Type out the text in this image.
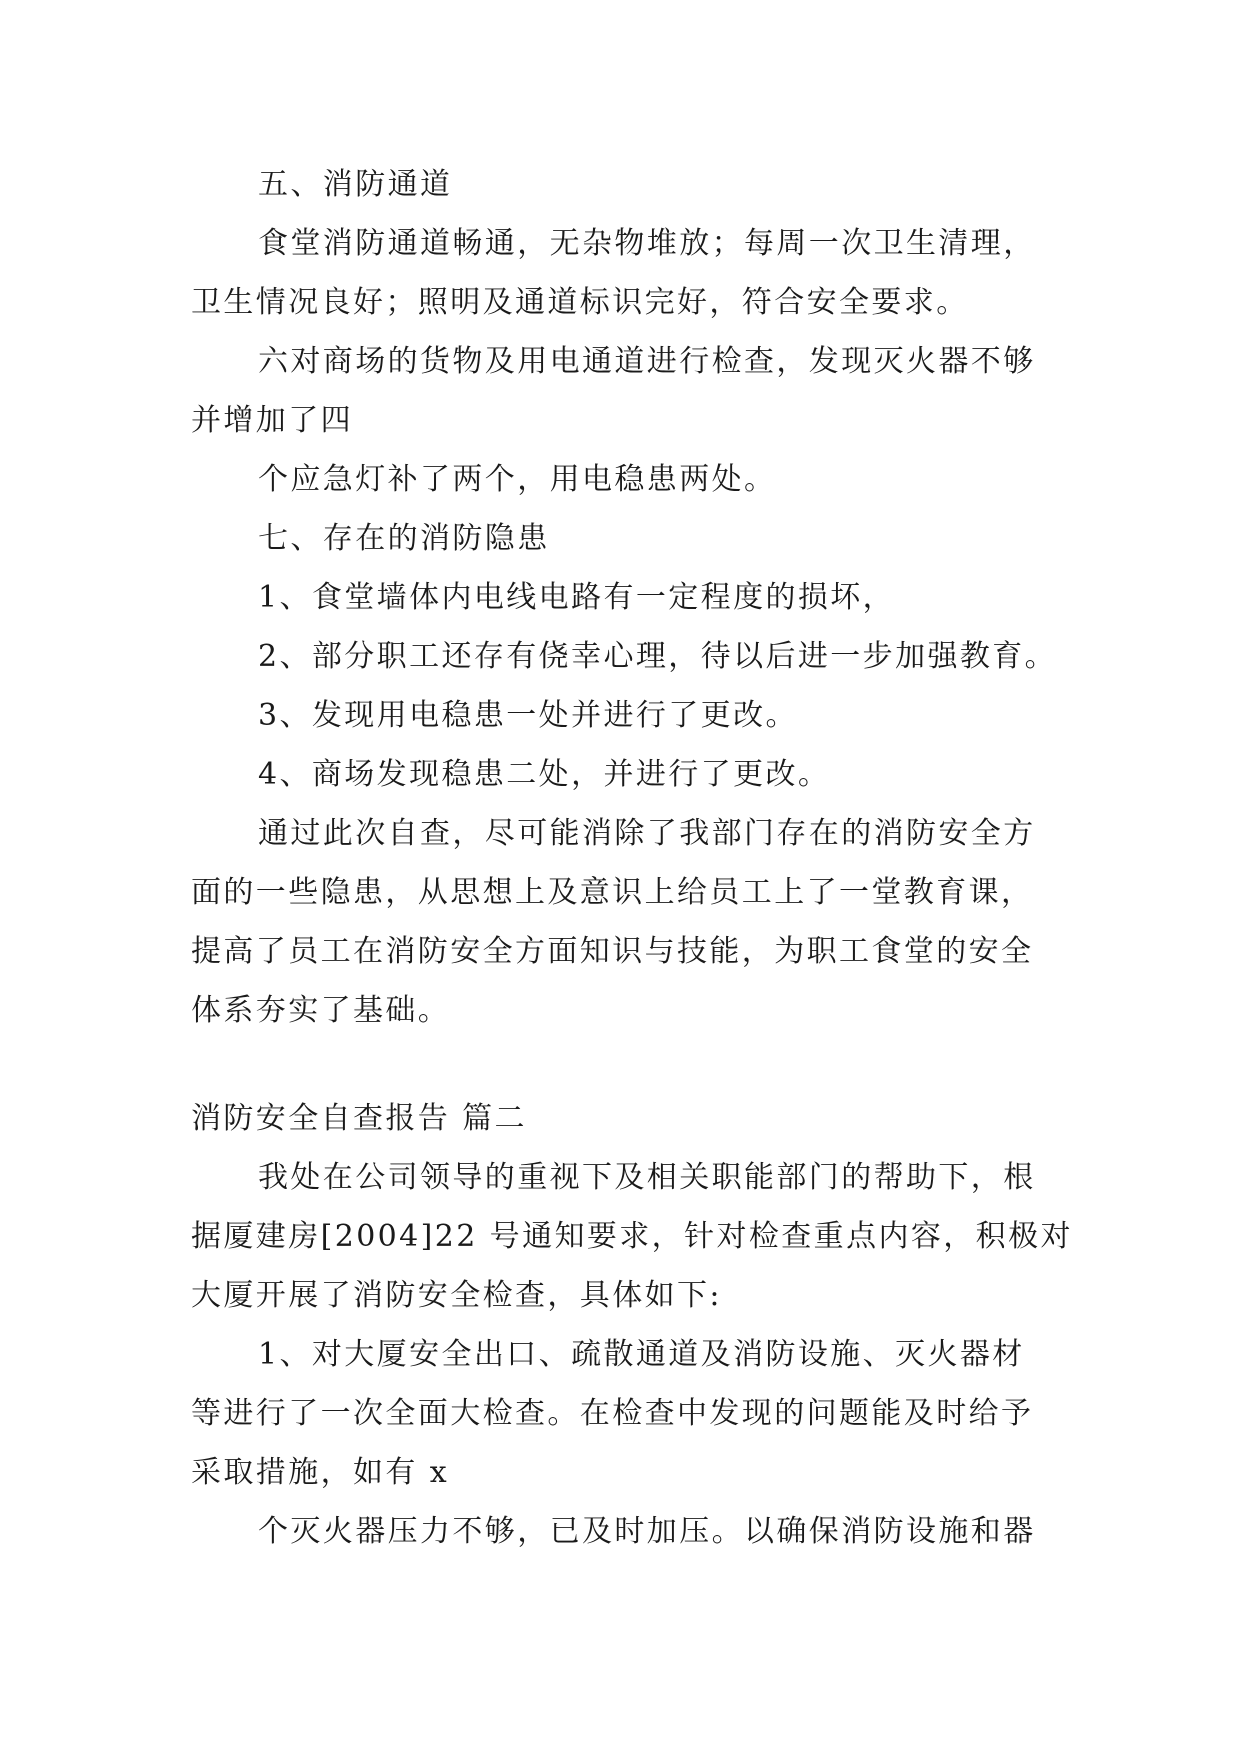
五、消防通道
食堂消防通道畅通，无杂物堆放；每周一次卫生清理，
卫生情况良好；照明及通道标识完好，符合安全要求。
六对商场的货物及用电通道进行检查，发现灭火器不够
并增加了四
个应急灯补了两个，用电稳患两处。
七、存在的消防隐患
1、食堂墙体内电线电路有一定程度的损坏，
2、部分职工还存有侥幸心理，待以后进一步加强教育。
3、发现用电稳患一处并进行了更改。
4、商场发现稳患二处，并进行了更改。
通过此次自查，尽可能消除了我部门存在的消防安全方
面的一些隐患，从思想上及意识上给员工上了一堂教育课，
提高了员工在消防安全方面知识与技能，为职工食堂的安全
体系夯实了基础。
消防安全自查报告 篇二
我处在公司领导的重视下及相关职能部门的帮助下，根
据厦建房[2004]22 号通知要求，针对检查重点内容，积极对
大厦开展了消防安全检查，具体如下:
1、对大厦安全出口、疏散通道及消防设施、灭火器材
等进行了一次全面大检查。在检查中发现的问题能及时给予
采取措施，如有 x
个灭火器压力不够，已及时加压。以确保消防设施和器
